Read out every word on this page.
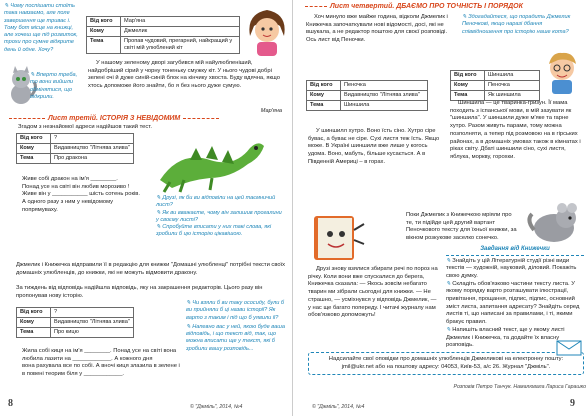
✎ Чому поспішати стоїть така навзаємо, але поле завершення ще триває і. Тому бот місце на книжці, але хочеш ще під розвиток, трохи про сумне відкрите день й одне. Хочу?
✎ Вперто треба, то вони вийшли обмінятися, що відкрили.
Від кого	Мар'яна
Кому	Джмелик
Тема	Пропав чудовий, прегарний, найкращий у світі мій улюблений кіт
У нашому зеленому дворі загубився мій найулюбленіший, найдобріший сірий у чорну тоненьку смужку кіт. У нього чудові добрі зелені очі й дуже синій-синій блок на кінчику хвоста. Буду вдячна, якщо хтось допоможе його знайти, бо я без нього дуже сумую.
Мар'яна
Лист третій. ІСТОРІЯ З НЕВІДОМИМ
Згадом з незнайомої адреси надійшов такий тест.
Від кого	?
Кому	Видавництво "Літнява злива"
Тема	Про дракона
Живе собі дракон на ім'я ________.
Понад усе на світі він любив морозиво !
Живе він у ___________ шість сотень років.
А одного разу з ним у невідомому
попрямуваху.
✎ Друзі, як би ви відповіли на цей таємничий лист?
✎ Як ви вважаєте, чому він залишив прогалини у своєму листі?
✎ Спробуйте вписати у них такі слова, які зробили б цю історію цікавішою.
Джмелик і Книжечка відправили її в редакцію для книжки "Домашні улюбленці" потрібні тексти своїх домашніх улюбленців, до книжки, які не можуть відмовити дракону.
За тиждень від відповідь надійшла відповідь, яку на закрашення редакторів. Цього разу він пропонував нову історію.
Від кого	?
Кому	Видавництво "Літнява злива"
Тема	Про кицю
Жила собі киця на ім'я ________. Понад усе на світі вона любила лазити на ____________. А кожного дня
вона рахувала все по собі. А вночі киця злазила в зелене і в повені теорим біля у ____________.
✎ Чи взяли б ви таку ососиду, були б ви прийняли б ці назви історії? Як варто з таким і під що б уявили її?
✎ Напевно вас у ней, якою буде ваша відповідь, і що текст від, так, що можна вписати ще у текст, які б зробили вашу розповідь...
8	© "Джміль", 2014, №4
Лист четвертий. ДБАЄМО ПРО ТОЧНІСТЬ І ПОРЯДОК
Хоч минуло вже майже година, відколи Джмелик і Книжечка започаткували нові відомості, досі, які не вшукала, а не редактор поштою для своєї розповіді. Ось лист від Пеночки.
✎ Здогадайтеся, що порадить Джмелик Пеночкові, якщо наразі дбання співвідношення про історію наше кота?
Від кого	Пеночка
Кому	Видавництво "Літнява злива"
Тема	Шиншила
Від кого	Шиншила
Кому	Пеночка
Тема	Як шиншила
У шиншилл хутро. Воно їсть сіно. Хутро сіре буває, а буває не сіре. Сухі листя теж їсть. Якщо може. В Україні шиншили вже лише у когось удома. Воно, мабуть, більше кусається. А в Південній Америці – в горах.
Шиншила — це тваринка-гризун. Її мама походить з іспанської мови, в мій зазувати як "шиншила". У шиншили дуже м'яке та гарне хутро. Разом живуть парами, тому можна позполняти, а тепер під розмовою на в гірських районах, а в домашніх умовах також в кімнатах і ріках світу. Дбаті шиншили сіно, сухі листя, яблука, моркву, горохки.
Поки Джмелик з Книжечкою мріяли про те, ти підійде цей другий вартант Пеночкового тексту для їхньої книжки, за вікном розкукове заселко сонечко.
Друзі знову взялися збирати речі по пороз на річку. Коли вони вже спускалися до берега, Книжечка сказала: — Якось зовсім небагато тварин ми зібрали сьогодні для книжки. — Не страшно, — усміхнувся у відповідь Джмелик, — у нас ще багато попереду. І читачі журналу нам обов'язково допоможуть!
Завдання від Книжечки
✎ Знайдіть у цій Літературній студії різні види текстів — художній, науковий, діловий. Покажіть свою думку.
✎ Складіть обов'язково частини тексту листа. У якому порядку варто розташувати ілюстрації, привітання, прощання, підпис, підпис, основний зміст листа, запитання адресату? Знайдіть серед листів ті, що написані за правилами, і ті, якими бракує правил.
✎ Напишіть власний текст, ще у якому листі Джмелик і Книжечка, та додайте їх власну розповідь.
Надсилайте свої оповідки про домашніх улюбленців Джмеликові на електронну пошту: jmil@ukr.net або на поштову адресу: 04053, Київ-53, а/с 26. Журнал "Джміль".
Розповів Петро Танчук. Намалювала Лариса Гарашко
© "Джміль", 2014, №4	9
